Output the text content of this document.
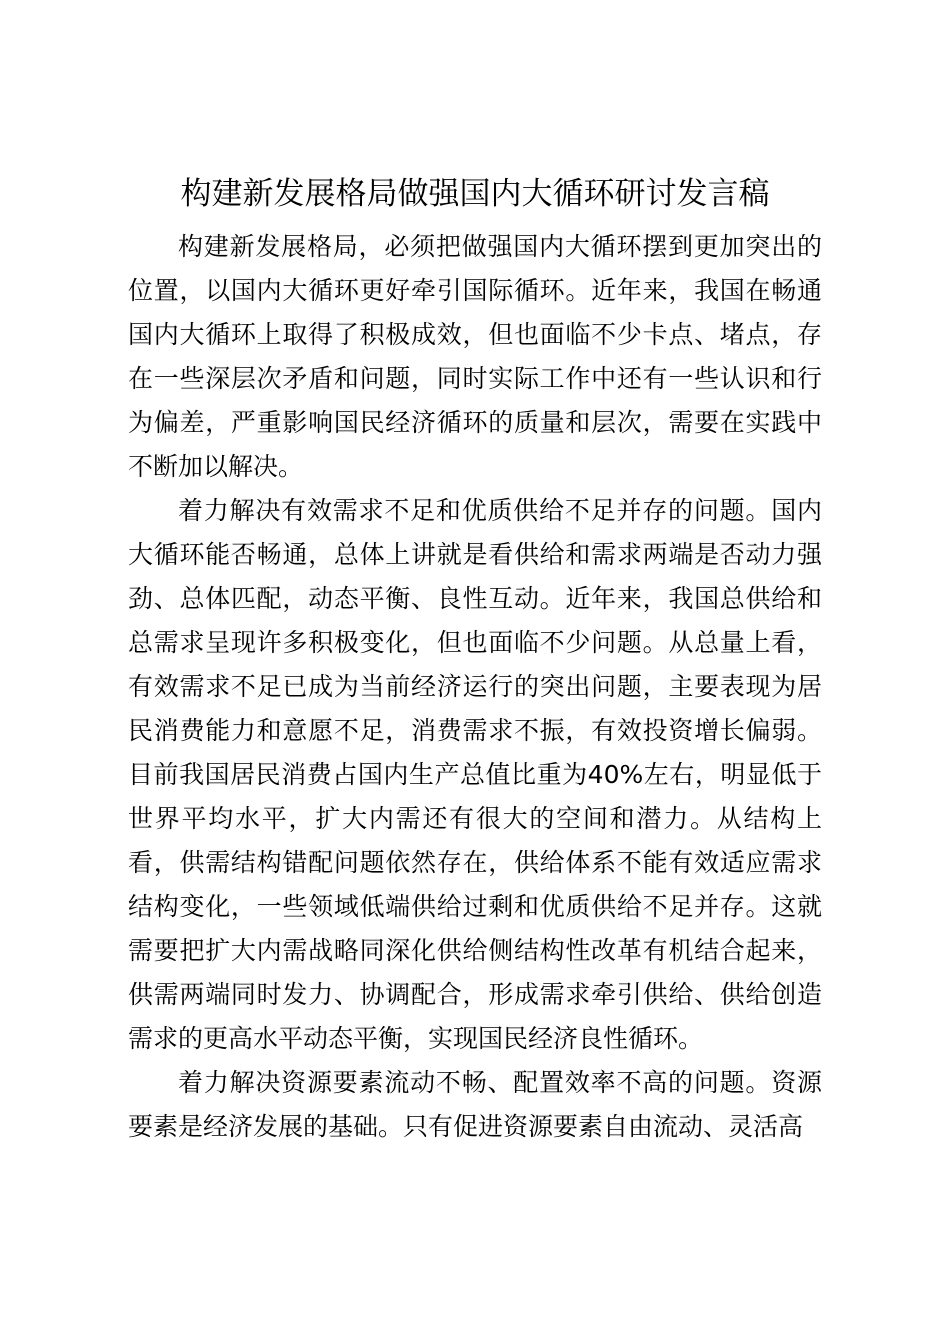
构建新发展格局做强国内大循环研讨发言稿

构建新发展格局，必须把做强国内大循环摆到更加突出的位置，以国内大循环更好牵引国际循环。近年来，我国在畅通国内大循环上取得了积极成效，但也面临不少卡点、堵点，存在一些深层次矛盾和问题，同时实际工作中还有一些认识和行为偏差，严重影响国民经济循环的质量和层次，需要在实践中不断加以解决。

着力解决有效需求不足和优质供给不足并存的问题。国内大循环能否畅通，总体上讲就是看供给和需求两端是否动力强劲、总体匹配，动态平衡、良性互动。近年来，我国总供给和总需求呈现许多积极变化，但也面临不少问题。从总量上看，有效需求不足已成为当前经济运行的突出问题，主要表现为居民消费能力和意愿不足，消费需求不振，有效投资增长偏弱。目前我国居民消费占国内生产总值比重为40%左右，明显低于世界平均水平，扩大内需还有很大的空间和潜力。从结构上看，供需结构错配问题依然存在，供给体系不能有效适应需求结构变化，一些领域低端供给过剩和优质供给不足并存。这就需要把扩大内需战略同深化供给侧结构性改革有机结合起来，供需两端同时发力、协调配合，形成需求牵引供给、供给创造需求的更高水平动态平衡，实现国民经济良性循环。

着力解决资源要素流动不畅、配置效率不高的问题。资源要素是经济发展的基础。只有促进资源要素自由流动、灵活高
